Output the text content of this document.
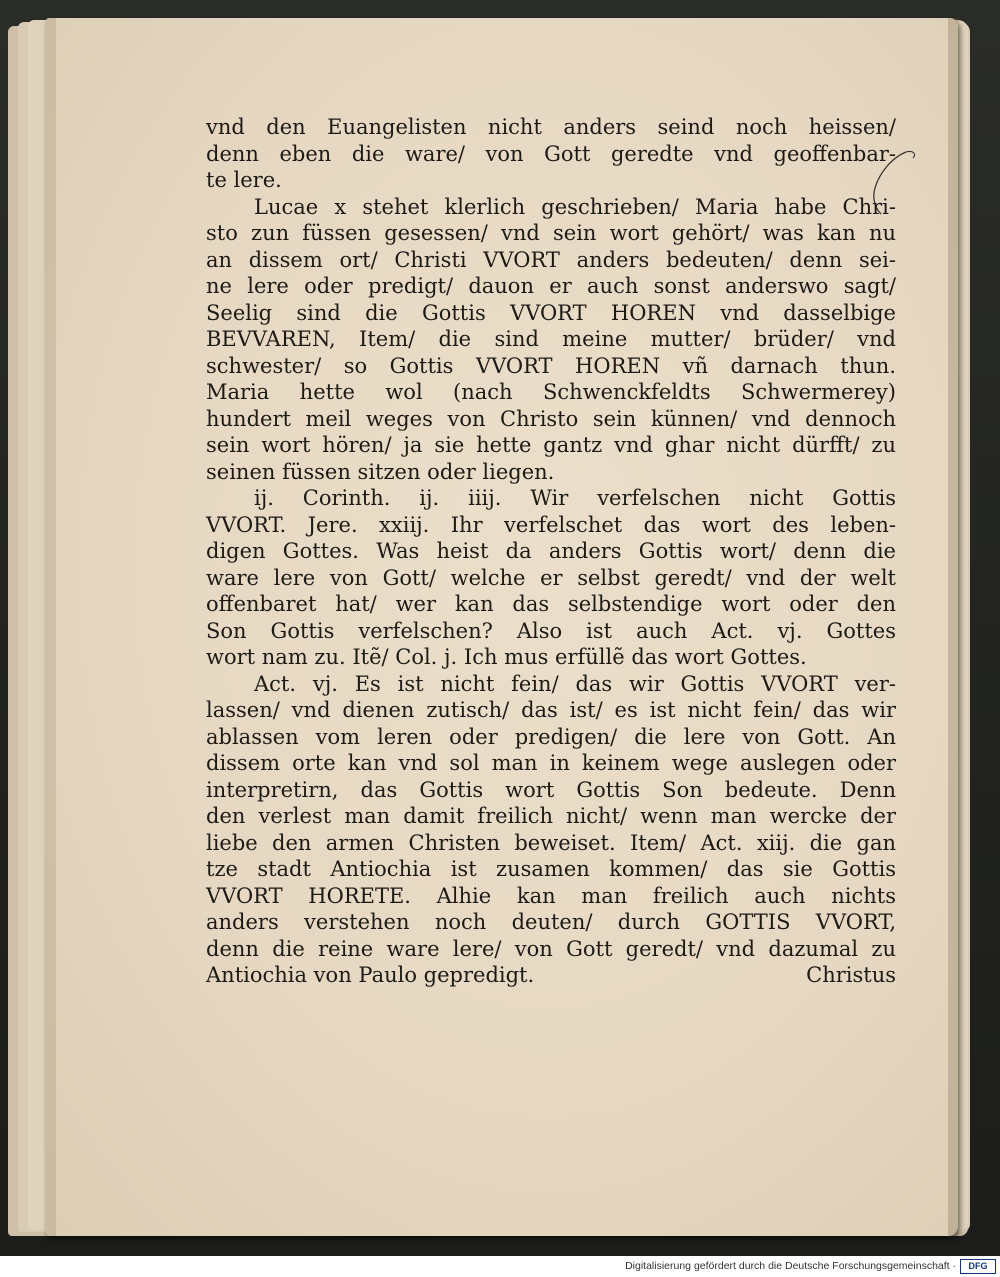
vnd den Euangelisten nicht anders seind noch heissen/
denn eben die ware/ von Gott geredte vnd geoffenbar-
te lere.
Lucae x stehet klerlich geschrieben/ Maria habe Chri-
sto zun füssen gesessen/ vnd sein wort gehört/ was kan nu
an dissem ort/ Christi VVORT anders bedeuten/ denn sei-
ne lere oder predigt/ dauon er auch sonst anderswo sagt/
Seelig sind die Gottis VVORT HOREN vnd dasselbige
BEVVAREN, Item/ die sind meine mutter/ brüder/ vnd
schwester/ so Gottis VVORT HOREN vñ darnach thun.
Maria hette wol (nach Schwenckfeldts Schwermerey)
hundert meil weges von Christo sein künnen/ vnd dennoch
sein wort hören/ ja sie hette gantz vnd ghar nicht dürfft/ zu
seinen füssen sitzen oder liegen.
ij. Corinth. ij. iiij. Wir verfelschen nicht Gottis
VVORT. Jere. xxiij. Ihr verfelschet das wort des leben-
digen Gottes. Was heist da anders Gottis wort/ denn die
ware lere von Gott/ welche er selbst geredt/ vnd der welt
offenbaret hat/ wer kan das selbstendige wort oder den
Son Gottis verfelschen? Also ist auch Act. vj. Gottes
wort nam zu. Itẽ/ Col. j. Ich mus erfüllẽ das wort Gottes.
Act. vj. Es ist nicht fein/ das wir Gottis VVORT ver-
lassen/ vnd dienen zutisch/ das ist/ es ist nicht fein/ das wir
ablassen vom leren oder predigen/ die lere von Gott. An
dissem orte kan vnd sol man in keinem wege auslegen oder
interpretirn, das Gottis wort Gottis Son bedeute. Denn
den verlest man damit freilich nicht/ wenn man wercke der
liebe den armen Christen beweiset. Item/ Act. xiij. die gan
tze stadt Antiochia ist zusamen kommen/ das sie Gottis
VVORT HORETE. Alhie kan man freilich auch nichts
anders verstehen noch deuten/ durch GOTTIS VVORT,
denn die reine ware lere/ von Gott geredt/ vnd dazumal zu
Antiochia von Paulo gepredigt.	Christus
Digitalisierung gefördert durch die Deutsche Forschungsgemeinschaft ·	DFG
